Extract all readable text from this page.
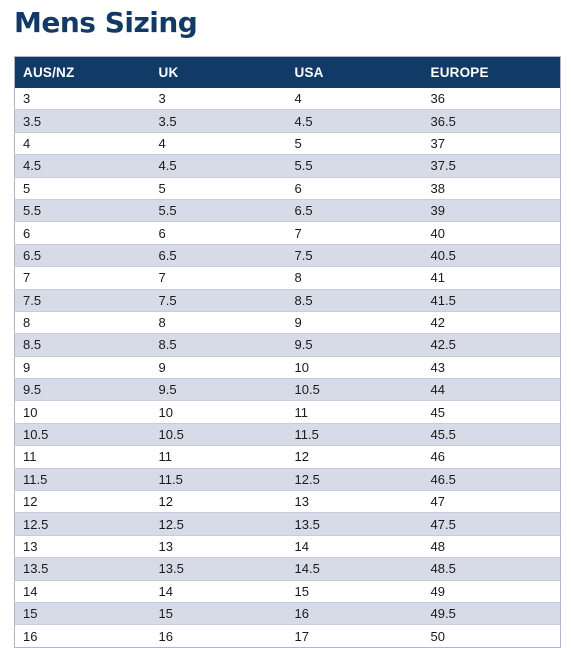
Mens Sizing
AUS/NZ	UK	USA	EUROPE
3	3	4	36
3.5	3.5	4.5	36.5
4	4	5	37
4.5	4.5	5.5	37.5
5	5	6	38
5.5	5.5	6.5	39
6	6	7	40
6.5	6.5	7.5	40.5
7	7	8	41
7.5	7.5	8.5	41.5
8	8	9	42
8.5	8.5	9.5	42.5
9	9	10	43
9.5	9.5	10.5	44
10	10	11	45
10.5	10.5	11.5	45.5
11	11	12	46
11.5	11.5	12.5	46.5
12	12	13	47
12.5	12.5	13.5	47.5
13	13	14	48
13.5	13.5	14.5	48.5
14	14	15	49
15	15	16	49.5
16	16	17	50
